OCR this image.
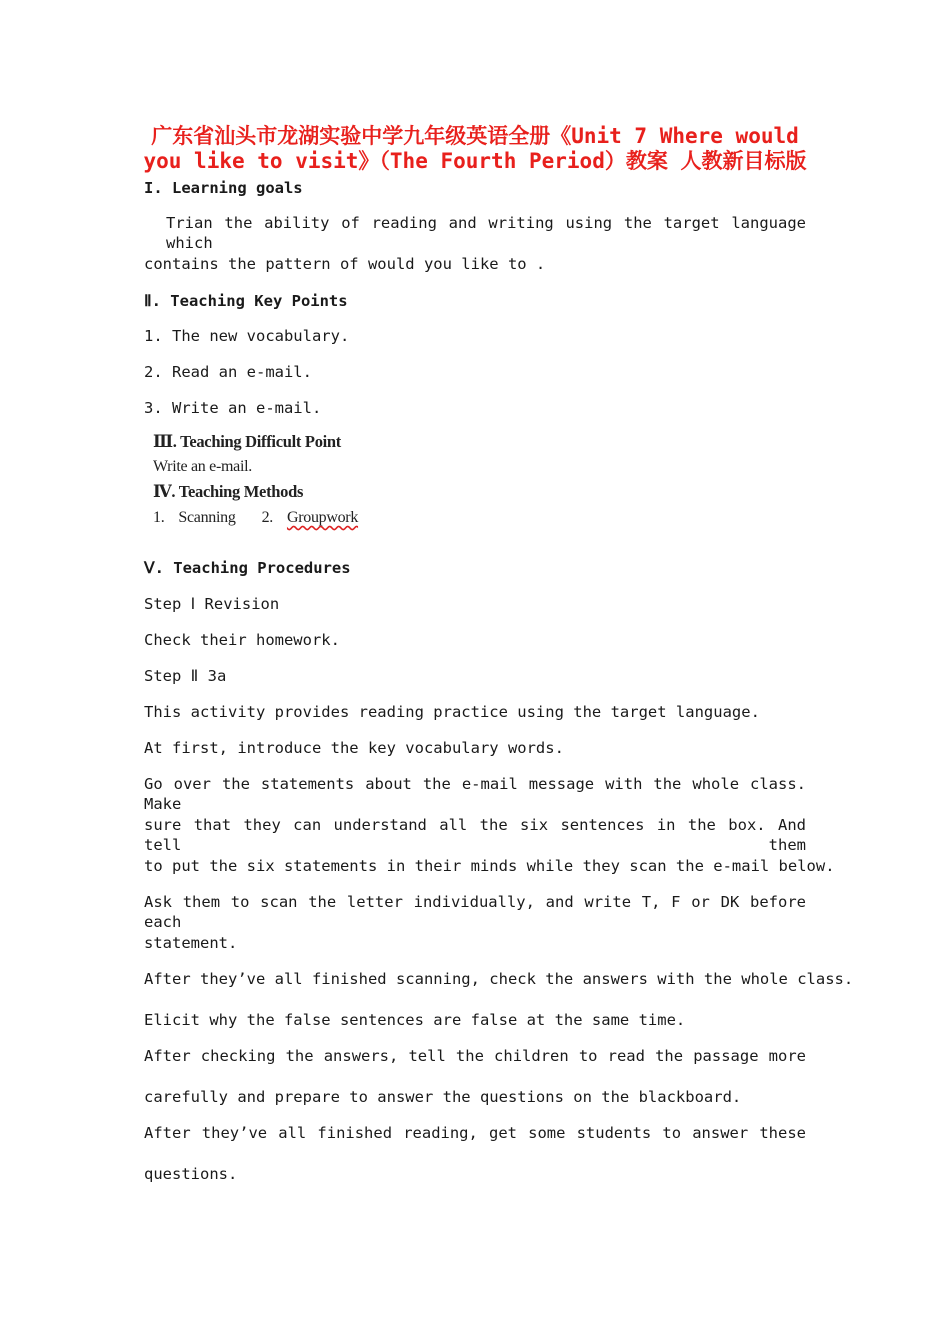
广东省汕头市龙湖实验中学九年级英语全册《Unit 7 Where would you like to visit》（The Fourth Period）教案 人教新目标版
I. Learning goals
Trian the ability of reading and writing using the target language which
contains the pattern of would you like to .
Ⅱ. Teaching Key Points
1. The new vocabulary.
2. Read an e-mail.
3. Write an e-mail.
Ⅲ. Teaching Difficult Point
Write an e-mail.
Ⅳ. Teaching Methods
1. Scanning 2. Groupwork
Ⅴ. Teaching Procedures
Step Ⅰ Revision
Check their homework.
Step Ⅱ 3a
This activity provides reading practice using the target language.
At first, introduce the key vocabulary words.
Go over the statements about the e-mail message with the whole class. Make
sure that they can understand all the six sentences in the box. And tell them
to put the six statements in their minds while they scan the e-mail below.
Ask them to scan the letter individually, and write T, F or DK before each
statement.
After they’ve all finished scanning, check the answers with the whole class.
Elicit why the false sentences are false at the same time.
After checking the answers, tell the children to read the passage more
carefully and prepare to answer the questions on the blackboard.
After they’ve all finished reading, get some students to answer these
questions.
